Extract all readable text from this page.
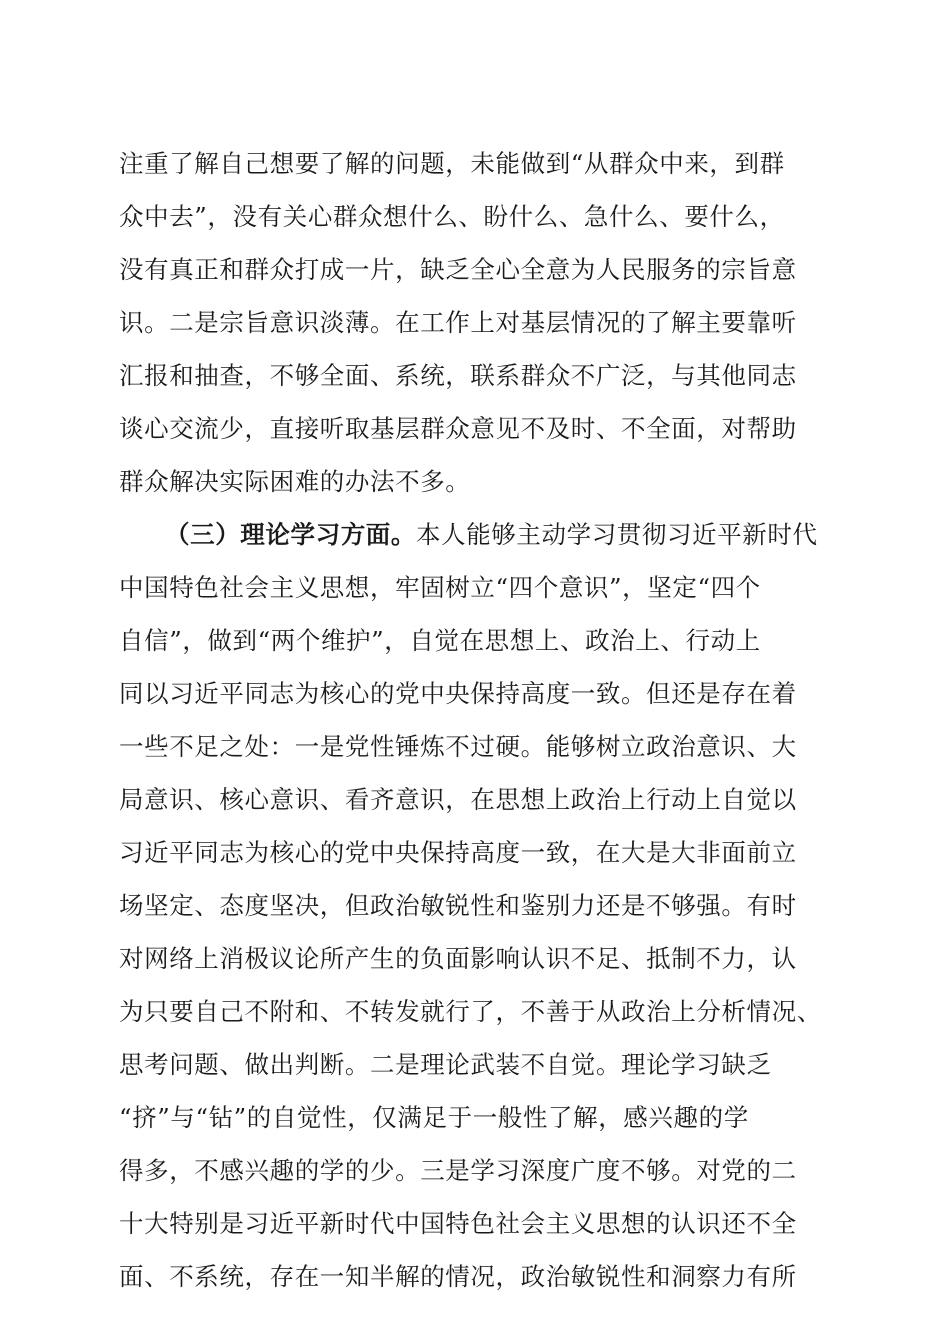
注重了解自己想要了解的问题，未能做到“从群众中来，到群
众中去”，没有关心群众想什么、盼什么、急什么、要什么，
没有真正和群众打成一片，缺乏全心全意为人民服务的宗旨意
识。二是宗旨意识淡薄。在工作上对基层情况的了解主要靠听
汇报和抽查，不够全面、系统，联系群众不广泛，与其他同志
谈心交流少，直接听取基层群众意见不及时、不全面，对帮助
群众解决实际困难的办法不多。
（三）理论学习方面。本人能够主动学习贯彻习近平新时代
中国特色社会主义思想，牢固树立“四个意识”，坚定“四个
自信”，做到“两个维护”，自觉在思想上、政治上、行动上
同以习近平同志为核心的党中央保持高度一致。但还是存在着
一些不足之处：一是党性锤炼不过硬。能够树立政治意识、大
局意识、核心意识、看齐意识，在思想上政治上行动上自觉以
习近平同志为核心的党中央保持高度一致，在大是大非面前立
场坚定、态度坚决，但政治敏锐性和鉴别力还是不够强。有时
对网络上消极议论所产生的负面影响认识不足、抵制不力，认
为只要自己不附和、不转发就行了，不善于从政治上分析情况、
思考问题、做出判断。二是理论武装不自觉。理论学习缺乏
“挤”与“钻”的自觉性，仅满足于一般性了解，感兴趣的学
得多，不感兴趣的学的少。三是学习深度广度不够。对党的二
十大特别是习近平新时代中国特色社会主义思想的认识还不全
面、不系统，存在一知半解的情况，政治敏锐性和洞察力有所
